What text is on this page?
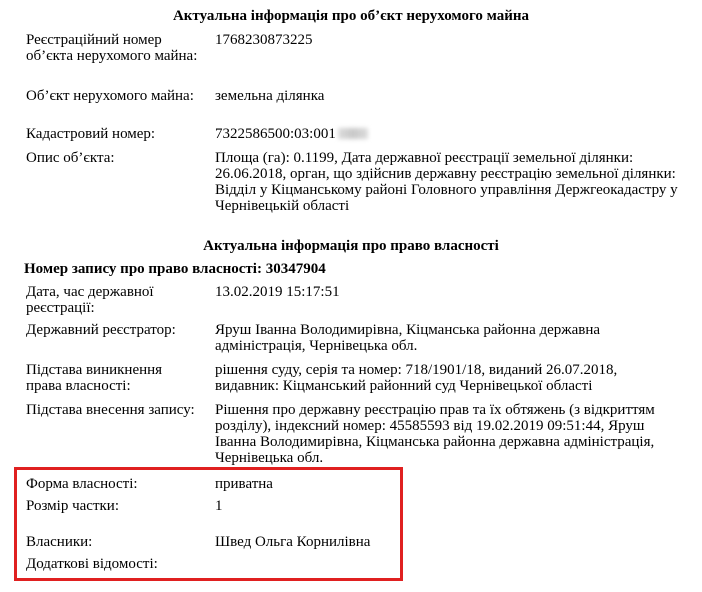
Актуальна інформація про об’єкт нерухомого майна
Реєстраційний номер об’єкта нерухомого майна:
1768230873225
Об’єкт нерухомого майна:	земельна ділянка
Кадастровий номер:	7322586500:03:001
Опис об’єкта:	Площа (га): 0.1199, Дата державної реєстрації земельної ділянки: 26.06.2018, орган, що здійснив державну реєстрацію земельної ділянки: Відділ у Кіцманському районі Головного управління Держгеокадастру у Чернівецькій області
Актуальна інформація про право власності
Номер запису про право власності: 30347904
Дата, час державної реєстрації:
13.02.2019 15:17:51
Державний реєстратор:	Яруш Іванна Володимирівна, Кіцманська районна державна адміністрація, Чернівецька обл.
Підстава виникнення права власності:
рішення суду, серія та номер: 718/1901/18, виданий 26.07.2018, видавник: Кіцманський районний суд Чернівецької області
Підстава внесення запису:	Рішення про державну реєстрацію прав та їх обтяжень (з відкриттям розділу), індексний номер: 45585593 від 19.02.2019 09:51:44, Яруш Іванна Володимирівна, Кіцманська районна державна адміністрація, Чернівецька обл.
Форма власності:	приватна
Розмір частки:	1
Власники:	Швед Ольга Корнилівна
Додаткові відомості:
